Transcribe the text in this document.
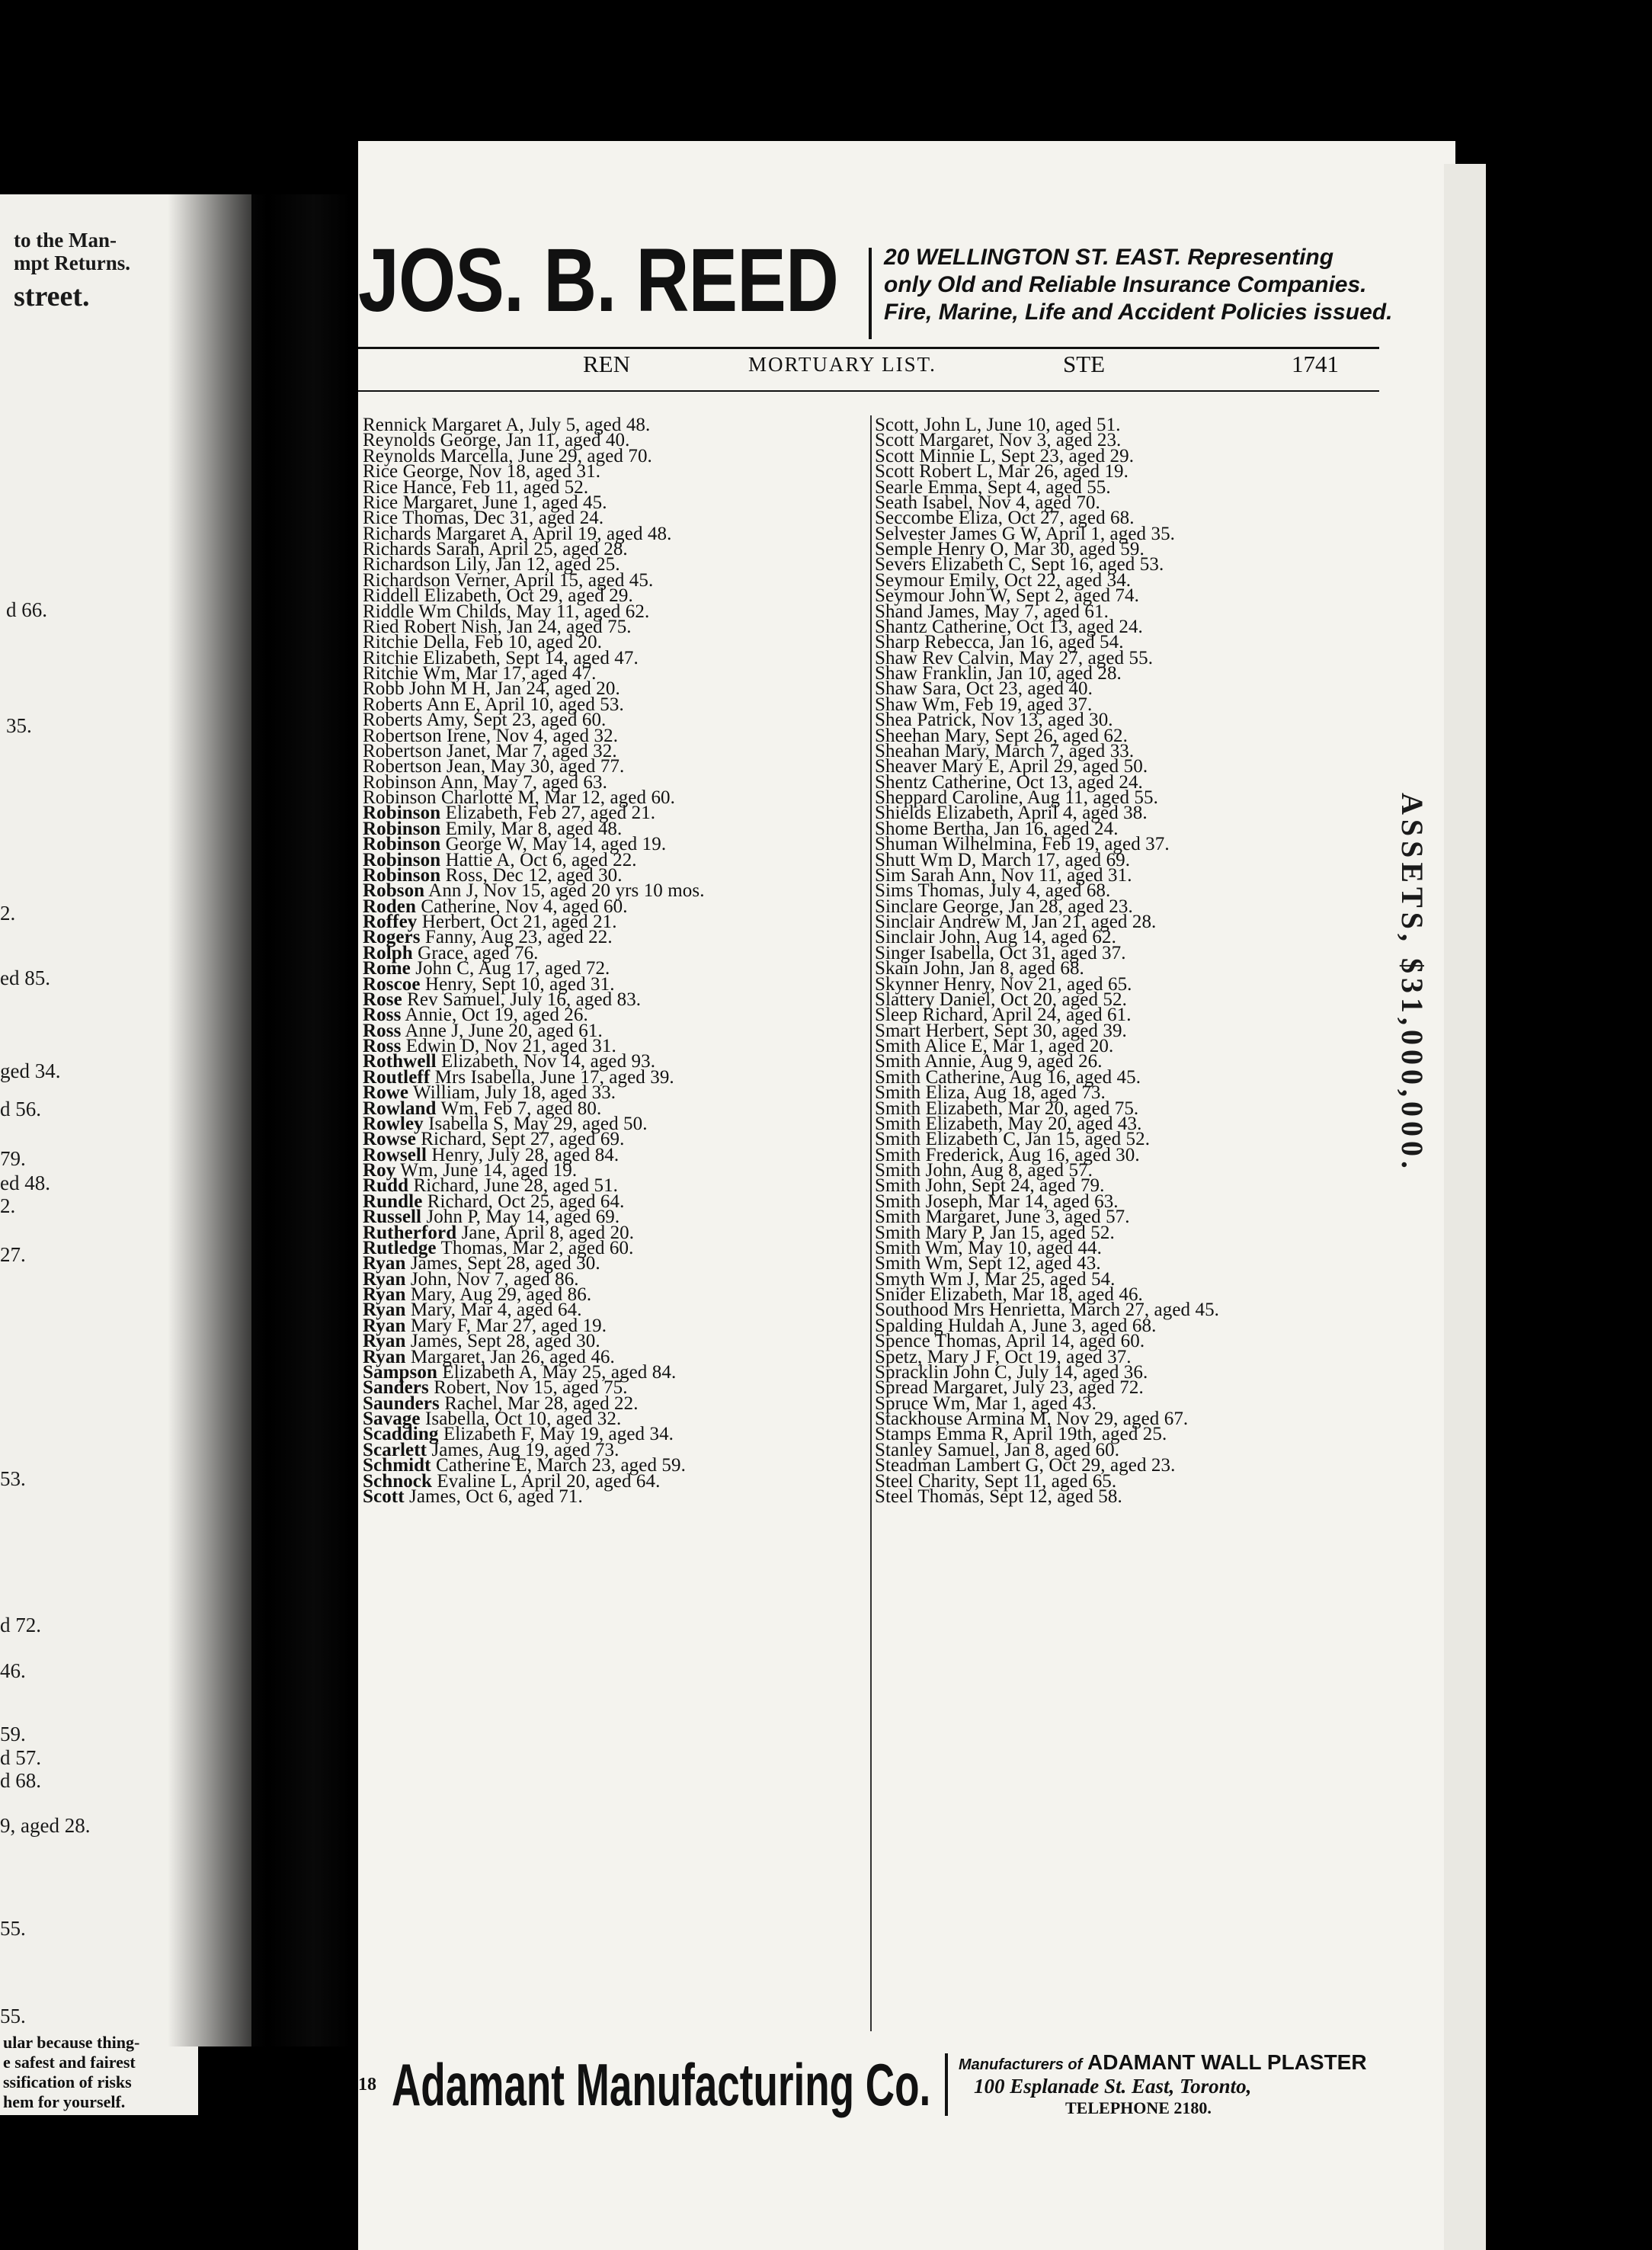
to the Man-
mpt Returns.
street.
d 66.
35.
2.
ed 85.
ged 34.
d 56.
79.
ed 48.
2.
27.
53.
d 72.
46.
59.
d 57.
d 68.
9, aged 28.
55.
55.
ular because thing-
e safest and fairest
ssification of risks
hem for yourself.
JOS. B. REED 20 WELLINGTON ST. EAST. Representing
only Old and Reliable Insurance Companies.
Fire, Marine, Life and Accident Policies issued.
REN	MORTUARY LIST.	STE	1741
Rennick Margaret A, July 5, aged 48.
Reynolds George, Jan 11, aged 40.
Reynolds Marcella, June 29, aged 70.
Rice George, Nov 18, aged 31.
Rice Hance, Feb 11, aged 52.
Rice Margaret, June 1, aged 45.
Rice Thomas, Dec 31, aged 24.
Richards Margaret A, April 19, aged 48.
Richards Sarah, April 25, aged 28.
Richardson Lily, Jan 12, aged 25.
Richardson Verner, April 15, aged 45.
Riddell Elizabeth, Oct 29, aged 29.
Riddle Wm Childs, May 11, aged 62.
Ried Robert Nish, Jan 24, aged 75.
Ritchie Della, Feb 10, aged 20.
Ritchie Elizabeth, Sept 14, aged 47.
Ritchie Wm, Mar 17, aged 47.
Robb John M H, Jan 24, aged 20.
Roberts Ann E, April 10, aged 53.
Roberts Amy, Sept 23, aged 60.
Robertson Irene, Nov 4, aged 32.
Robertson Janet, Mar 7, aged 32.
Robertson Jean, May 30, aged 77.
Robinson Ann, May 7, aged 63.
Robinson Charlotte M, Mar 12, aged 60.
Robinson Elizabeth, Feb 27, aged 21.
Robinson Emily, Mar 8, aged 48.
Robinson George W, May 14, aged 19.
Robinson Hattie A, Oct 6, aged 22.
Robinson Ross, Dec 12, aged 30.
Robson Ann J, Nov 15, aged 20 yrs 10 mos.
Roden Catherine, Nov 4, aged 60.
Roffey Herbert, Oct 21, aged 21.
Rogers Fanny, Aug 23, aged 22.
Rolph Grace, aged 76.
Rome John C, Aug 17, aged 72.
Roscoe Henry, Sept 10, aged 31.
Rose Rev Samuel, July 16, aged 83.
Ross Annie, Oct 19, aged 26.
Ross Anne J, June 20, aged 61.
Ross Edwin D, Nov 21, aged 31.
Rothwell Elizabeth, Nov 14, aged 93.
Routleff Mrs Isabella, June 17, aged 39.
Rowe William, July 18, aged 33.
Rowland Wm, Feb 7, aged 80.
Rowley Isabella S, May 29, aged 50.
Rowse Richard, Sept 27, aged 69.
Rowsell Henry, July 28, aged 84.
Roy Wm, June 14, aged 19.
Rudd Richard, June 28, aged 51.
Rundle Richard, Oct 25, aged 64.
Russell John P, May 14, aged 69.
Rutherford Jane, April 8, aged 20.
Rutledge Thomas, Mar 2, aged 60.
Ryan James, Sept 28, aged 30.
Ryan John, Nov 7, aged 86.
Ryan Mary, Aug 29, aged 86.
Ryan Mary, Mar 4, aged 64.
Ryan Mary F, Mar 27, aged 19.
Ryan James, Sept 28, aged 30.
Ryan Margaret, Jan 26, aged 46.
Sampson Elizabeth A, May 25, aged 84.
Sanders Robert, Nov 15, aged 75.
Saunders Rachel, Mar 28, aged 22.
Savage Isabella, Oct 10, aged 32.
Scadding Elizabeth F, May 19, aged 34.
Scarlett James, Aug 19, aged 73.
Schmidt Catherine E, March 23, aged 59.
Schnock Evaline L, April 20, aged 64.
Scott James, Oct 6, aged 71.
Scott, John L, June 10, aged 51.
Scott Margaret, Nov 3, aged 23.
Scott Minnie L, Sept 23, aged 29.
Scott Robert L, Mar 26, aged 19.
Searle Emma, Sept 4, aged 55.
Seath Isabel, Nov 4, aged 70.
Seccombe Eliza, Oct 27, aged 68.
Selvester James G W, April 1, aged 35.
Semple Henry O, Mar 30, aged 59.
Severs Elizabeth C, Sept 16, aged 53.
Seymour Emily, Oct 22, aged 34.
Seymour John W, Sept 2, aged 74.
Shand James, May 7, aged 61.
Shantz Catherine, Oct 13, aged 24.
Sharp Rebecca, Jan 16, aged 54.
Shaw Rev Calvin, May 27, aged 55.
Shaw Franklin, Jan 10, aged 28.
Shaw Sara, Oct 23, aged 40.
Shaw Wm, Feb 19, aged 37.
Shea Patrick, Nov 13, aged 30.
Sheehan Mary, Sept 26, aged 62.
Sheahan Mary, March 7, aged 33.
Sheaver Mary E, April 29, aged 50.
Shentz Catherine, Oct 13, aged 24.
Sheppard Caroline, Aug 11, aged 55.
Shields Elizabeth, April 4, aged 38.
Shome Bertha, Jan 16, aged 24.
Shuman Wilhelmina, Feb 19, aged 37.
Shutt Wm D, March 17, aged 69.
Sim Sarah Ann, Nov 11, aged 31.
Sims Thomas, July 4, aged 68.
Sinclare George, Jan 28, aged 23.
Sinclair Andrew M, Jan 21, aged 28.
Sinclair John, Aug 14, aged 62.
Singer Isabella, Oct 31, aged 37.
Skain John, Jan 8, aged 68.
Skynner Henry, Nov 21, aged 65.
Slattery Daniel, Oct 20, aged 52.
Sleep Richard, April 24, aged 61.
Smart Herbert, Sept 30, aged 39.
Smith Alice E, Mar 1, aged 20.
Smith Annie, Aug 9, aged 26.
Smith Catherine, Aug 16, aged 45.
Smith Eliza, Aug 18, aged 73.
Smith Elizabeth, Mar 20, aged 75.
Smith Elizabeth, May 20, aged 43.
Smith Elizabeth C, Jan 15, aged 52.
Smith Frederick, Aug 16, aged 30.
Smith John, Aug 8, aged 57.
Smith John, Sept 24, aged 79.
Smith Joseph, Mar 14, aged 63.
Smith Margaret, June 3, aged 57.
Smith Mary P, Jan 15, aged 52.
Smith Wm, May 10, aged 44.
Smith Wm, Sept 12, aged 43.
Smyth Wm J, Mar 25, aged 54.
Snider Elizabeth, Mar 18, aged 46.
Southood Mrs Henrietta, March 27, aged 45.
Spalding Huldah A, June 3, aged 68.
Spence Thomas, April 14, aged 60.
Spetz, Mary J F, Oct 19, aged 37.
Spracklin John C, July 14, aged 36.
Spread Margaret, July 23, aged 72.
Spruce Wm, Mar 1, aged 43.
Stackhouse Armina M, Nov 29, aged 67.
Stamps Emma R, April 19th, aged 25.
Stanley Samuel, Jan 8, aged 60.
Steadman Lambert G, Oct 29, aged 23.
Steel Charity, Sept 11, aged 65.
Steel Thomas, Sept 12, aged 58.
ASSETS, $31,000,000.
18 Adamant Manufacturing Co. Manufacturers of ADAMANT WALL PLASTER
100 Esplanade St. East, Toronto,
TELEPHONE 2180.
